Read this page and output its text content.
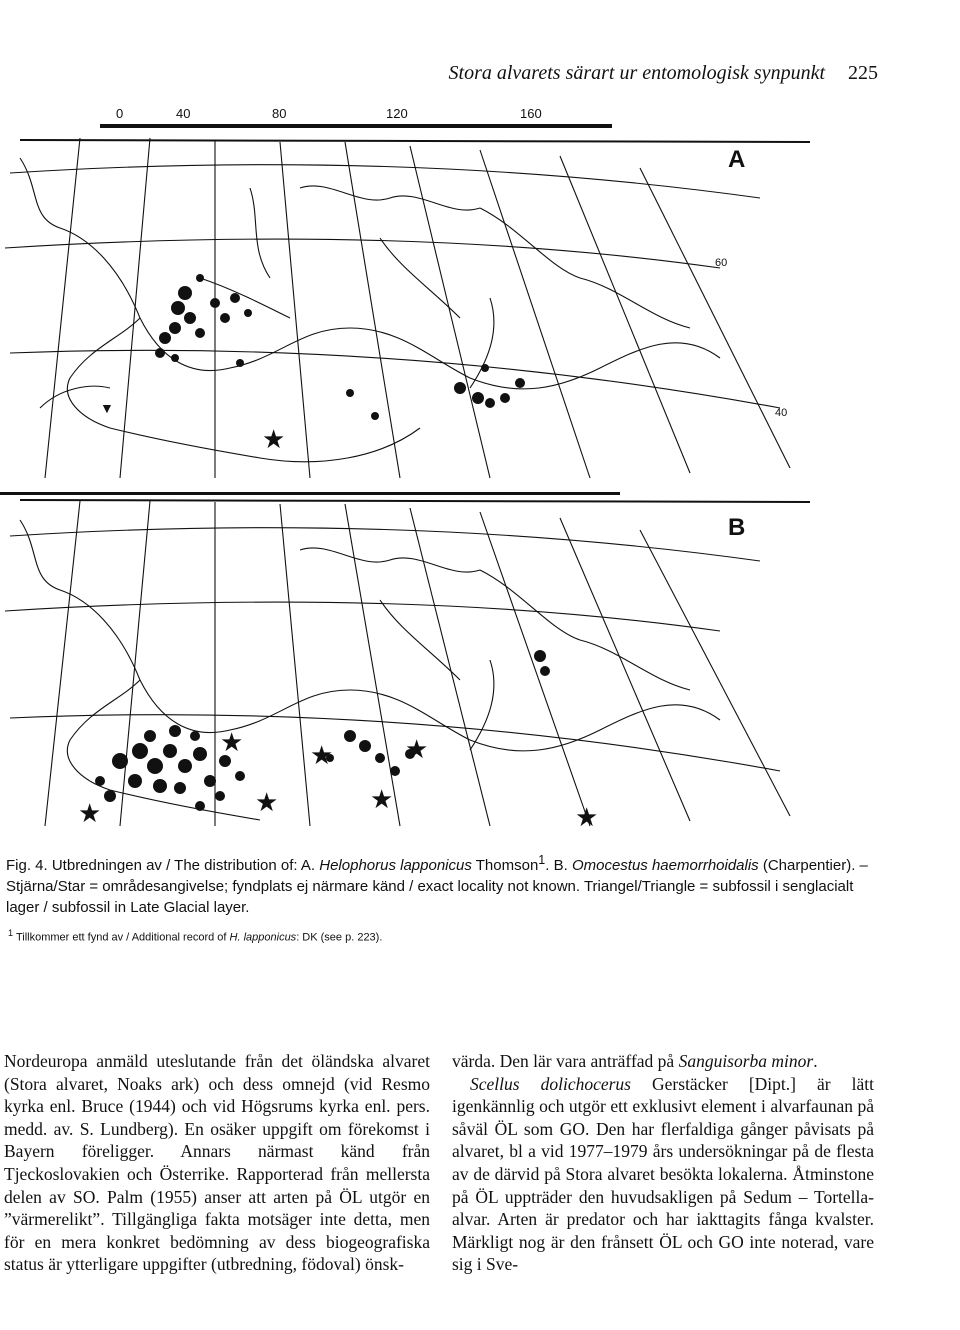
Stora alvarets särart ur entomologisk synpunkt 225
0	40	80	120	160
★
▼
A
60
40
★	★
★
★
★	★
★
B
Fig. 4. Utbredningen av / The distribution of: A. Helophorus lapponicus Thomson$^1$. B. Omocestus haemorrhoidalis (Charpentier). – Stjärna/Star = områdesangivelse; fyndplats ej närmare känd / exact locality not known. Triangel/Triangle = subfossil i senglacialt lager / subfossil in Late Glacial layer.
$^1$ Tillkommer ett fynd av / Additional record of H. lapponicus: DK (see p. 223).

Nordeuropa anmäld uteslutande från det öländska alvaret (Stora alvaret, Noaks ark) och dess omnejd (vid Resmo kyrka enl. Bruce (1944) och vid Högsrums kyrka enl. pers. medd. av. S. Lundberg). En osäker uppgift om förekomst i Bayern föreligger. Annars närmast känd från Tjeckoslovakien och Österrike. Rapporterad från mellersta delen av SO. Palm (1955) anser att arten på ÖL utgör en ”värmerelikt”. Tillgängliga fakta motsäger inte detta, men för en mera konkret bedömning av dess biogeografiska status är ytterligare uppgifter (utbredning, födoval) önsk-

värda. Den lär vara anträffad på Sanguisorba minor.

Scellus dolichocerus Gerstäcker [Dipt.] är lätt igenkännlig och utgör ett exklusivt element i alvarfaunan på såväl ÖL som GO. Den har flerfaldiga gånger påvisats på alvaret, bl a vid 1977–1979 års undersökningar på de flesta av de därvid på Stora alvaret besökta lokalerna. Åtminstone på ÖL uppträder den huvudsakligen på Sedum – Tortella-alvar. Arten är predator och har iakttagits fånga kvalster. Märkligt nog är den frånsett ÖL och GO inte noterad, vare sig i Sve-
